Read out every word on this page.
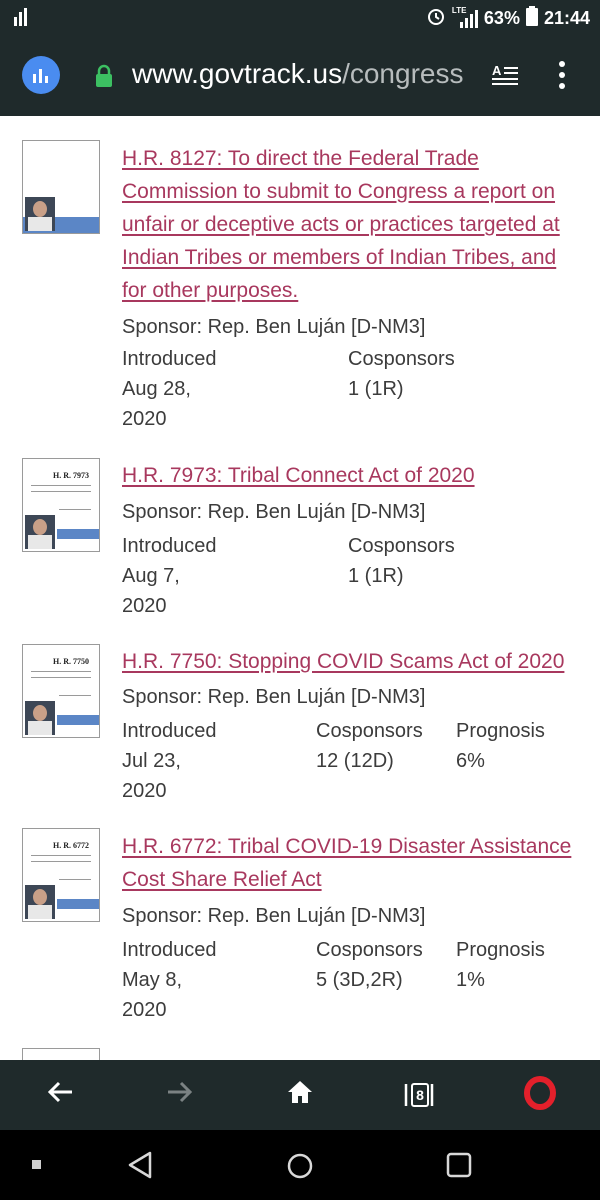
LTE 63% 21:44
www.govtrack.us/congress	A
H.R. 8127: To direct the Federal Trade Commission to submit to Congress a report on unfair or deceptive acts or practices targeted at Indian Tribes or members of Indian Tribes, and for other purposes.
Sponsor: Rep. Ben Luján [D-NM3]
Introduced
Aug 28,
2020
Cosponsors
1 (1R)
H. R. 7973 H.R. 7973: Tribal Connect Act of 2020
Sponsor: Rep. Ben Luján [D-NM3]
Introduced
Aug 7,
2020
Cosponsors
1 (1R)
H. R. 7750 H.R. 7750: Stopping COVID Scams Act of 2020
Sponsor: Rep. Ben Luján [D-NM3]
Introduced
Jul 23,
2020
Cosponsors
12 (12D)
Prognosis
6%
H. R. 6772 H.R. 6772: Tribal COVID-19 Disaster Assistance Cost Share Relief Act
Sponsor: Rep. Ben Luján [D-NM3]
Introduced
May 8,
2020
Cosponsors
5 (3D,2R)
Prognosis
1%
8
